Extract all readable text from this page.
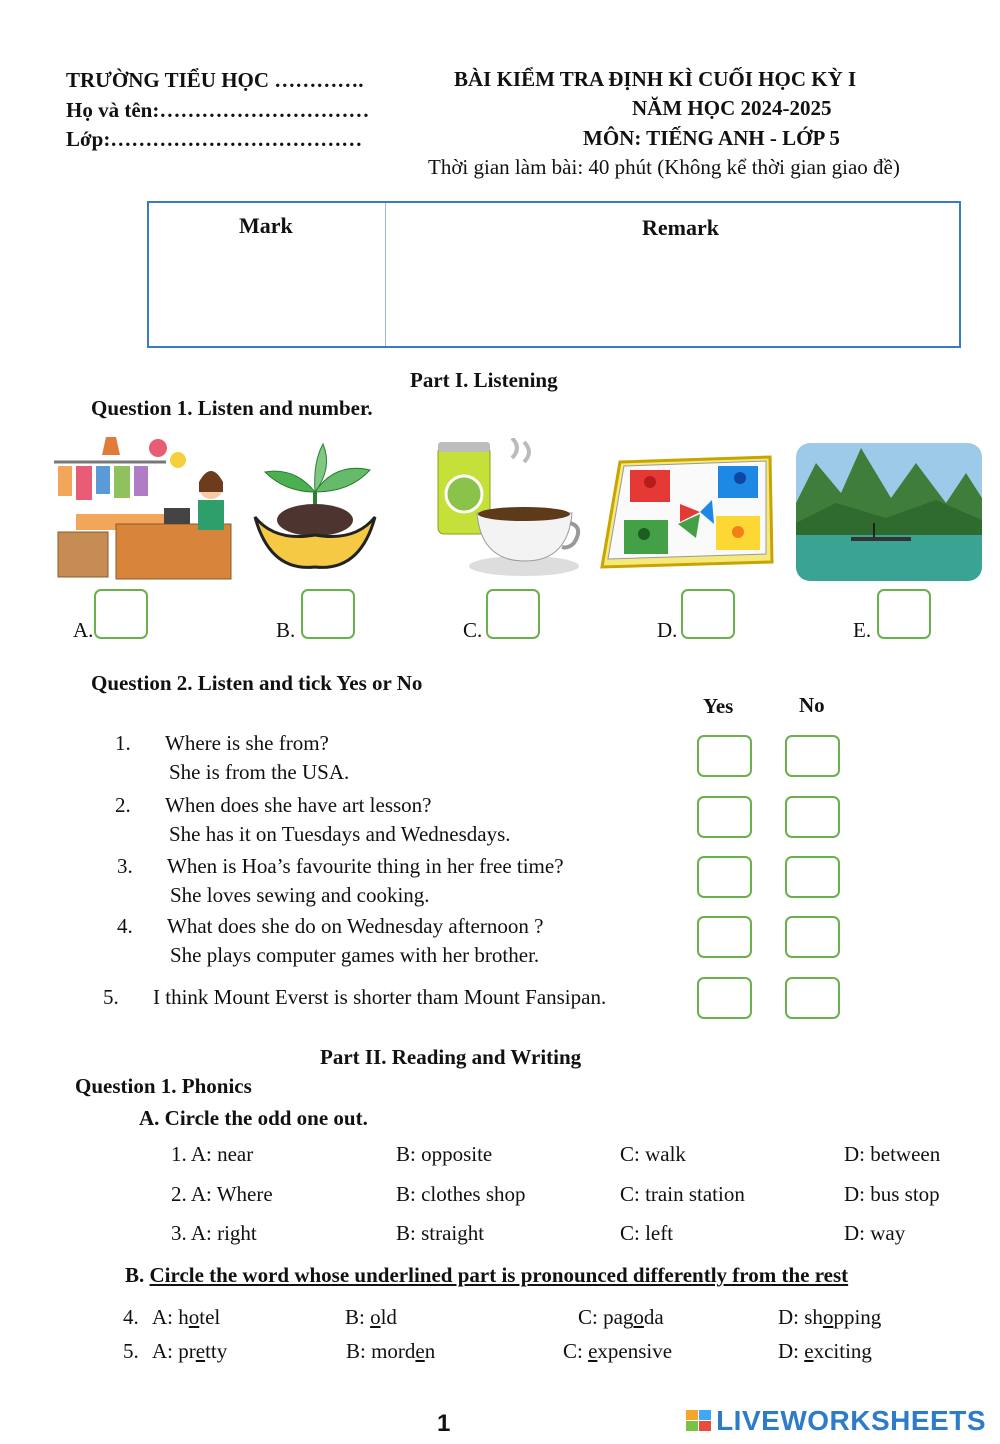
TRƯỜNG TIỂU HỌC ………….
Họ và tên:…………………………
Lớp:………………………………
BÀI KIỂM TRA ĐỊNH KÌ CUỐI HỌC KỲ I
NĂM HỌC 2024-2025
MÔN: TIẾNG ANH - LỚP 5
Thời gian làm bài: 40 phút (Không kể thời gian giao đề)
Mark	Remark
Part I. Listening
Question 1. Listen and number.
A.	B.	C.	D.	E.
Question 2. Listen and tick Yes or No
Yes	No
1. Where is she from?
She is from the USA.
2. When does she have art lesson?
She has it on Tuesdays and Wednesdays.
3. When is Hoa’s favourite thing in her free time?
She loves sewing and cooking.
4. What does she do on Wednesday afternoon ?
She plays computer games with her brother.
5. I think Mount Everst is shorter tham Mount Fansipan.
Part II. Reading and Writing
Question 1. Phonics
A. Circle the odd one out.
1. A: near	B: opposite	C: walk	D: between
2. A: Where	B: clothes shop	C: train station	D: bus stop
3. A: right	B: straight	C: left	D: way
B. Circle the word whose underlined part is pronounced differently from the rest
4. A: hotel	B: old	C: pagoda	D: shopping
5. A: pretty	B: morden	C: expensive	D: exciting
1	LIVEWORKSHEETS
